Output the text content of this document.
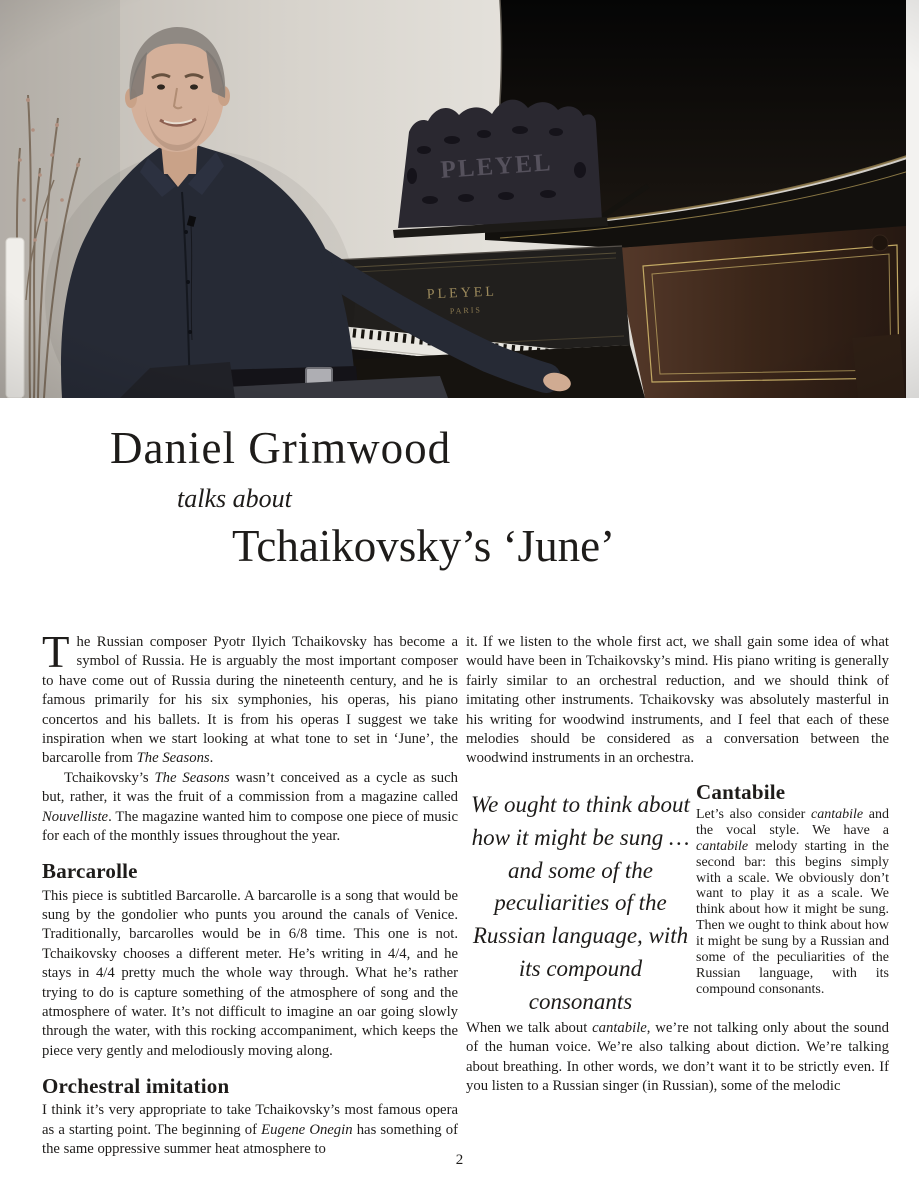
Daniel Grimwood
talks about
Tchaikovsky’s ‘June’

The Russian composer Pyotr Ilyich Tchaikovsky has become a symbol of Russia. He is arguably the most important composer to have come out of Russia during the nineteenth century, and he is famous primarily for his six symphonies, his operas, his piano concertos and his ballets. It is from his operas I suggest we take inspiration when we start looking at what tone to set in ‘June’, the barcarolle from The Seasons.

Tchaikovsky’s The Seasons wasn’t conceived as a cycle as such but, rather, it was the fruit of a commission from a magazine called Nouvelliste. The magazine wanted him to compose one piece of music for each of the monthly issues throughout the year.

Barcarolle

This piece is subtitled Barcarolle. A barcarolle is a song that would be sung by the gondolier who punts you around the canals of Venice. Traditionally, barcarolles would be in 6/8 time. This one is not. Tchaikovsky chooses a different meter. He’s writing in 4/4, and he stays in 4/4 pretty much the whole way through. What he’s rather trying to do is capture something of the atmosphere of song and the atmosphere of water. It’s not difficult to imagine an oar going slowly through the water, with this rocking accompaniment, which keeps the piece very gently and melodiously moving along.

Orchestral imitation

I think it’s very appropriate to take Tchaikovsky’s most famous opera as a starting point. The beginning of Eugene Onegin has something of the same oppressive summer heat atmosphere to

it. If we listen to the whole first act, we shall gain some idea of what would have been in Tchaikovsky’s mind. His piano writing is generally fairly similar to an orchestral reduction, and we should think of imitating other instruments. Tchaikovsky was absolutely masterful in his writing for woodwind instruments, and I feel that each of these melodies should be considered as a conversation between the woodwind instruments in an orchestra.

We ought to think about how it might be sung … and some of the peculiarities of the Russian language, with its compound consonants
Cantabile

Let’s also consider cantabile and the vocal style. We have a cantabile melody starting in the second bar: this begins simply with a scale. We obviously don’t want to play it as a scale. We think about how it might be sung. Then we ought to think about how it might be sung by a Russian and some of the peculiarities of the Russian language, with its compound consonants.

When we talk about cantabile, we’re not talking only about the sound of the human voice. We’re also talking about diction. We’re talking about breathing. In other words, we don’t want it to be strictly even. If you listen to a Russian singer (in Russian), some of the melodic

2
